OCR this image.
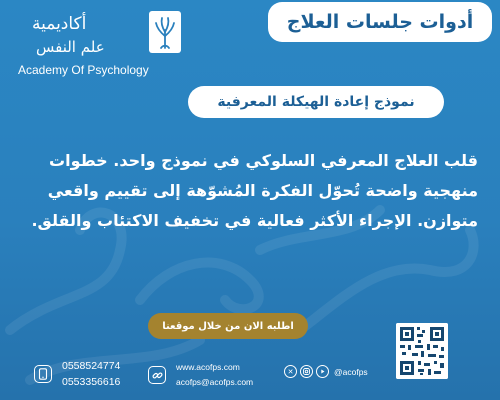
أكاديمية
علم النفس
Academy Of Psychology
أدوات جلسات العلاج
نموذج إعادة الهيكلة المعرفية
قلب العلاج المعرفي السلوكي في نموذج واحد. خطوات منهجية واضحة تُحوّل الفكرة المُشوّهة إلى تقييم واقعي متوازن. الإجراء الأكثر فعالية في تخفيف الاكتئاب والقلق.
اطلبه الان من خلال موقعنا
0558524774
0553356616
www.acofps.com
acofps@acofps.com
✕	@acofps
